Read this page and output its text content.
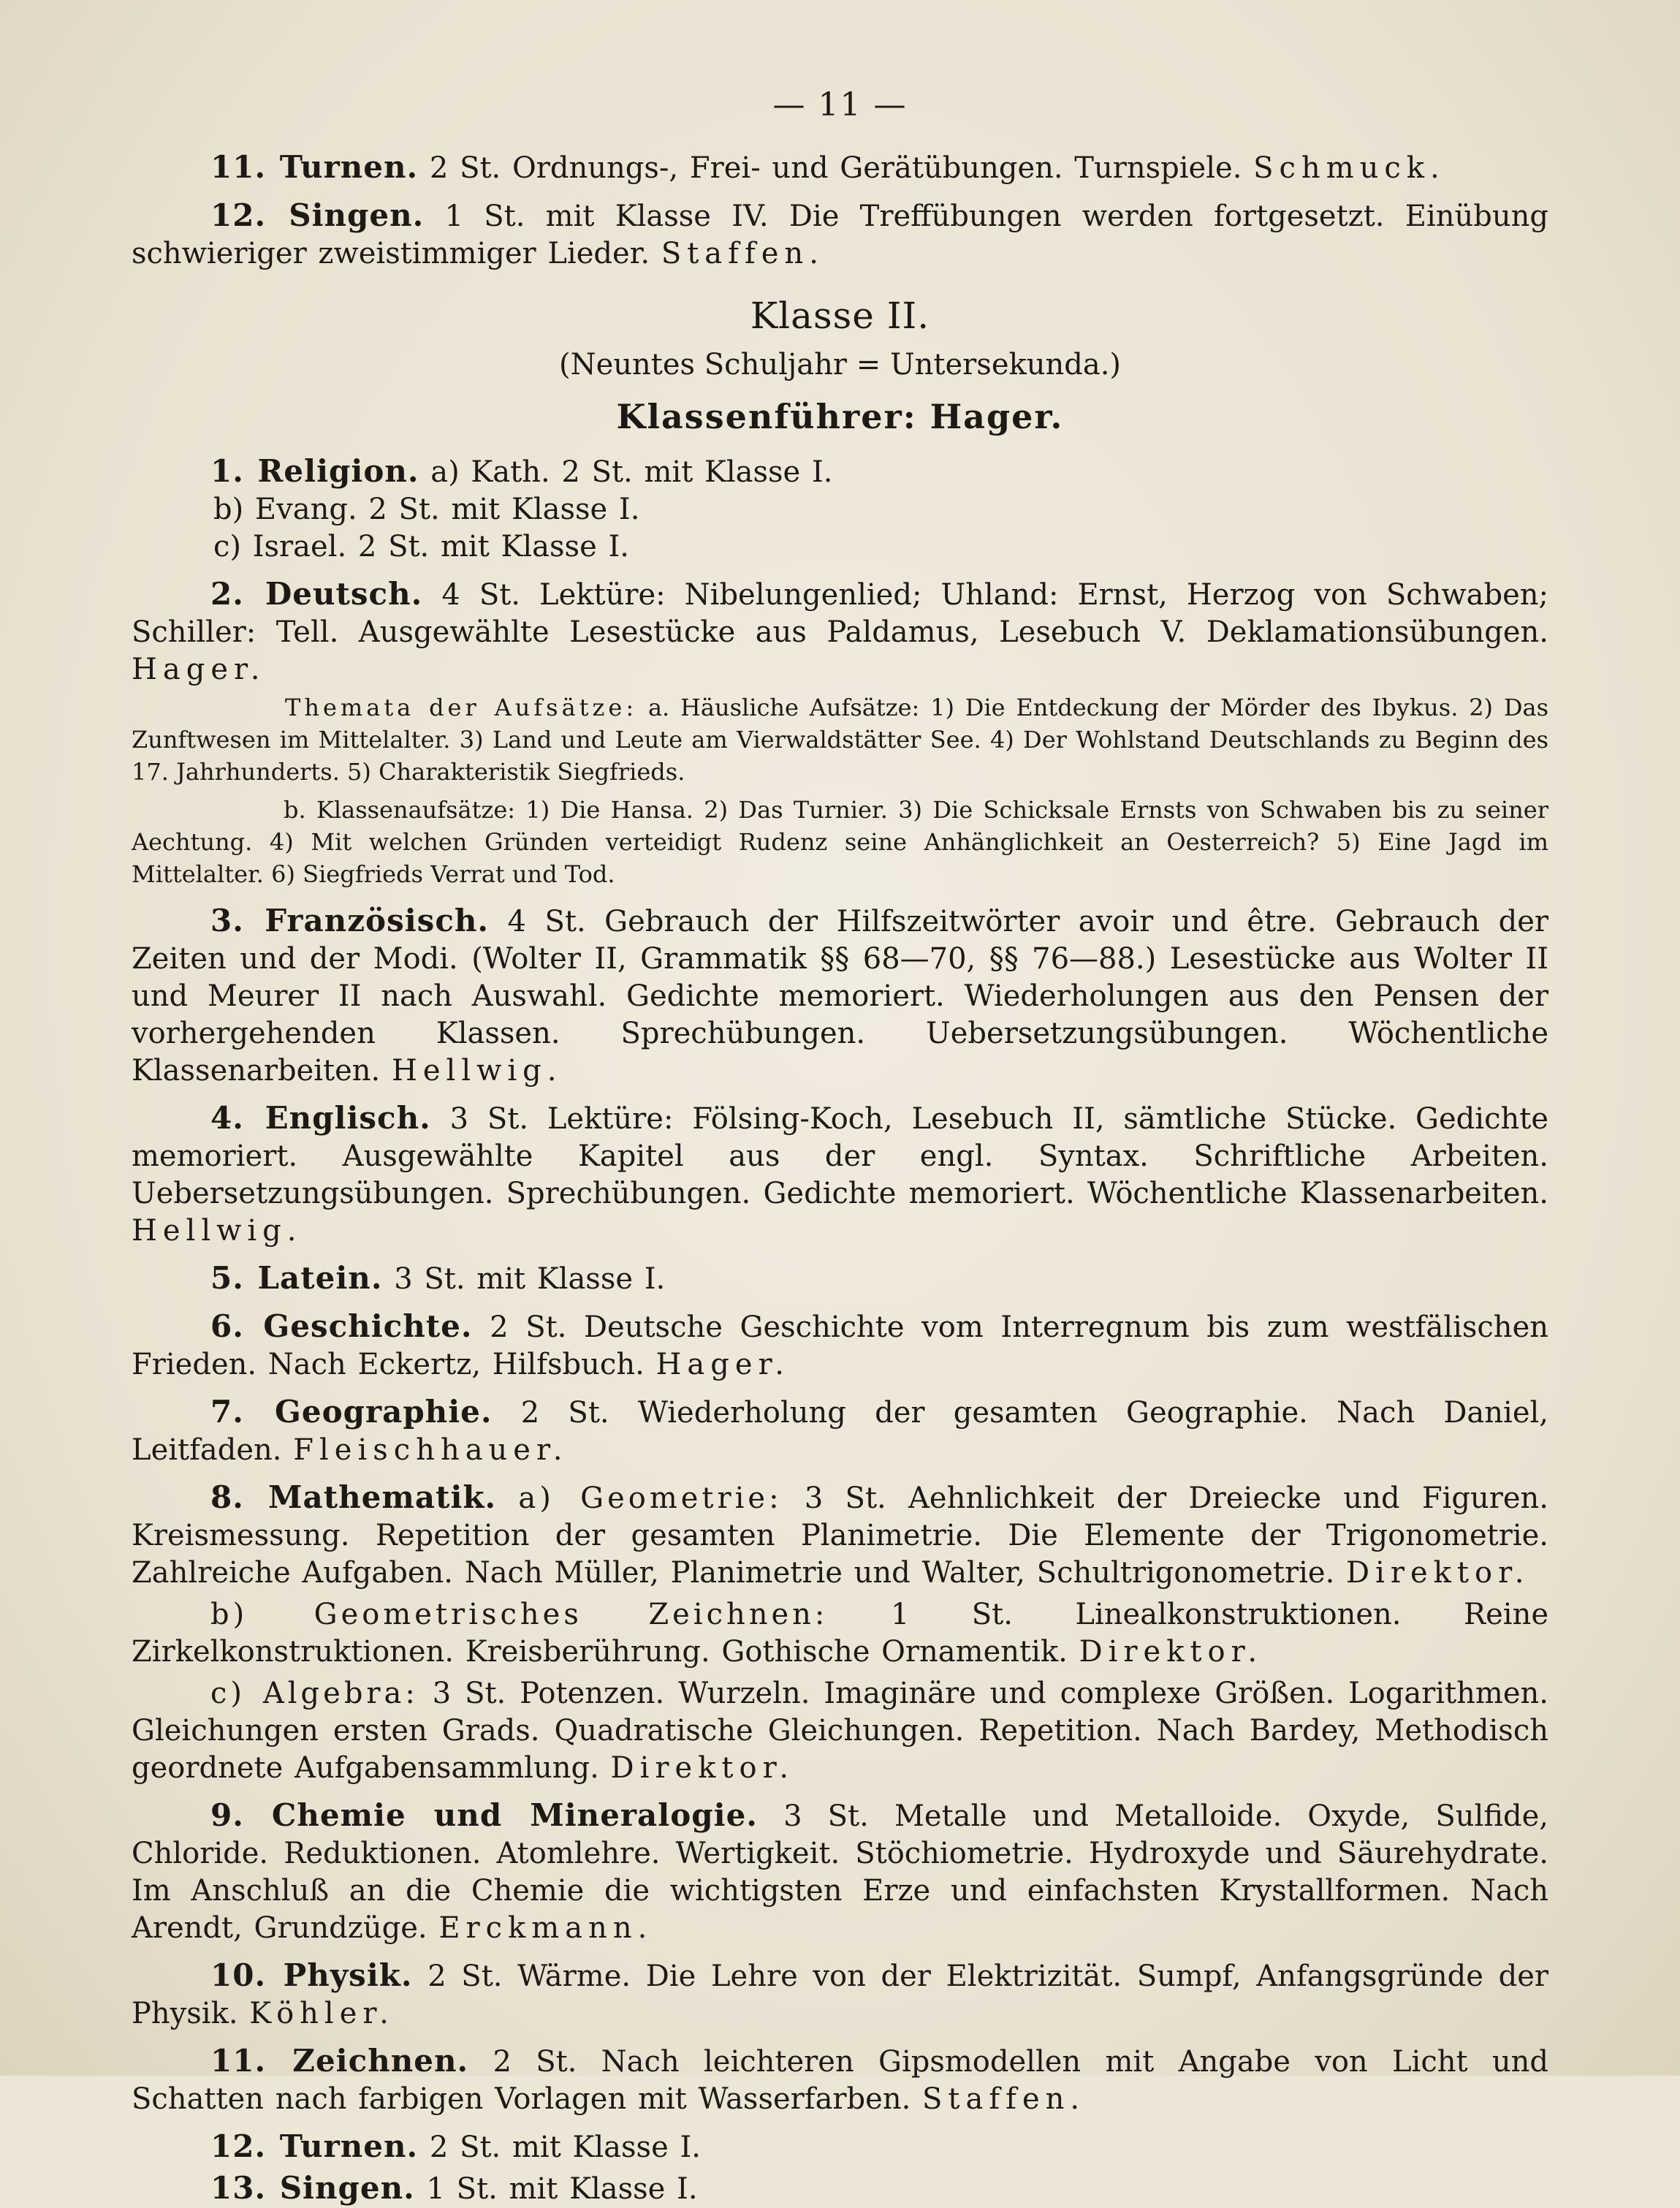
— 11 —

11. Turnen. 2 St. Ordnungs-, Frei- und Gerätübungen. Turnspiele. Schmuck.

12. Singen. 1 St. mit Klasse IV. Die Treffübungen werden fortgesetzt. Einübung schwieriger zweistimmiger Lieder. Staffen.

Klasse II.
(Neuntes Schuljahr = Untersekunda.)
Klassenführer: Hager.

1. Religion. a) Kath. 2 St. mit Klasse I.

b) Evang. 2 St. mit Klasse I.

c) Israel. 2 St. mit Klasse I.

2. Deutsch. 4 St. Lektüre: Nibelungenlied; Uhland: Ernst, Herzog von Schwaben; Schiller: Tell. Ausgewählte Lesestücke aus Paldamus, Lesebuch V. Deklamationsübungen. Hager.

Themata der Aufsätze: a. Häusliche Aufsätze: 1) Die Entdeckung der Mörder des Ibykus. 2) Das Zunftwesen im Mittelalter. 3) Land und Leute am Vierwaldstätter See. 4) Der Wohlstand Deutschlands zu Beginn des 17. Jahrhunderts. 5) Charakteristik Siegfrieds.

b. Klassenaufsätze: 1) Die Hansa. 2) Das Turnier. 3) Die Schicksale Ernsts von Schwaben bis zu seiner Aechtung. 4) Mit welchen Gründen verteidigt Rudenz seine Anhänglichkeit an Oesterreich? 5) Eine Jagd im Mittelalter. 6) Siegfrieds Verrat und Tod.

3. Französisch. 4 St. Gebrauch der Hilfszeitwörter avoir und être. Gebrauch der Zeiten und der Modi. (Wolter II, Grammatik §§ 68—70, §§ 76—88.) Lesestücke aus Wolter II und Meurer II nach Auswahl. Gedichte memoriert. Wiederholungen aus den Pensen der vorhergehenden Klassen. Sprechübungen. Uebersetzungsübungen. Wöchentliche Klassenarbeiten. Hellwig.

4. Englisch. 3 St. Lektüre: Fölsing-Koch, Lesebuch II, sämtliche Stücke. Gedichte memoriert. Ausgewählte Kapitel aus der engl. Syntax. Schriftliche Arbeiten. Uebersetzungsübungen. Sprechübungen. Gedichte memoriert. Wöchentliche Klassenarbeiten. Hellwig.

5. Latein. 3 St. mit Klasse I.

6. Geschichte. 2 St. Deutsche Geschichte vom Interregnum bis zum westfälischen Frieden. Nach Eckertz, Hilfsbuch. Hager.

7. Geographie. 2 St. Wiederholung der gesamten Geographie. Nach Daniel, Leitfaden. Fleischhauer.

8. Mathematik. a) Geometrie: 3 St. Aehnlichkeit der Dreiecke und Figuren. Kreismessung. Repetition der gesamten Planimetrie. Die Elemente der Trigonometrie. Zahlreiche Aufgaben. Nach Müller, Planimetrie und Walter, Schultrigonometrie. Direktor.

b) Geometrisches Zeichnen: 1 St. Linealkonstruktionen. Reine Zirkelkonstruktionen. Kreisberührung. Gothische Ornamentik. Direktor.

c) Algebra: 3 St. Potenzen. Wurzeln. Imaginäre und complexe Größen. Logarithmen. Gleichungen ersten Grads. Quadratische Gleichungen. Repetition. Nach Bardey, Methodisch geordnete Aufgabensammlung. Direktor.

9. Chemie und Mineralogie. 3 St. Metalle und Metalloide. Oxyde, Sulfide, Chloride. Reduktionen. Atomlehre. Wertigkeit. Stöchiometrie. Hydroxyde und Säurehydrate. Im Anschluß an die Chemie die wichtigsten Erze und einfachsten Krystallformen. Nach Arendt, Grundzüge. Erckmann.

10. Physik. 2 St. Wärme. Die Lehre von der Elektrizität. Sumpf, Anfangsgründe der Physik. Köhler.

11. Zeichnen. 2 St. Nach leichteren Gipsmodellen mit Angabe von Licht und Schatten nach farbigen Vorlagen mit Wasserfarben. Staffen.

12. Turnen. 2 St. mit Klasse I.

13. Singen. 1 St. mit Klasse I.
